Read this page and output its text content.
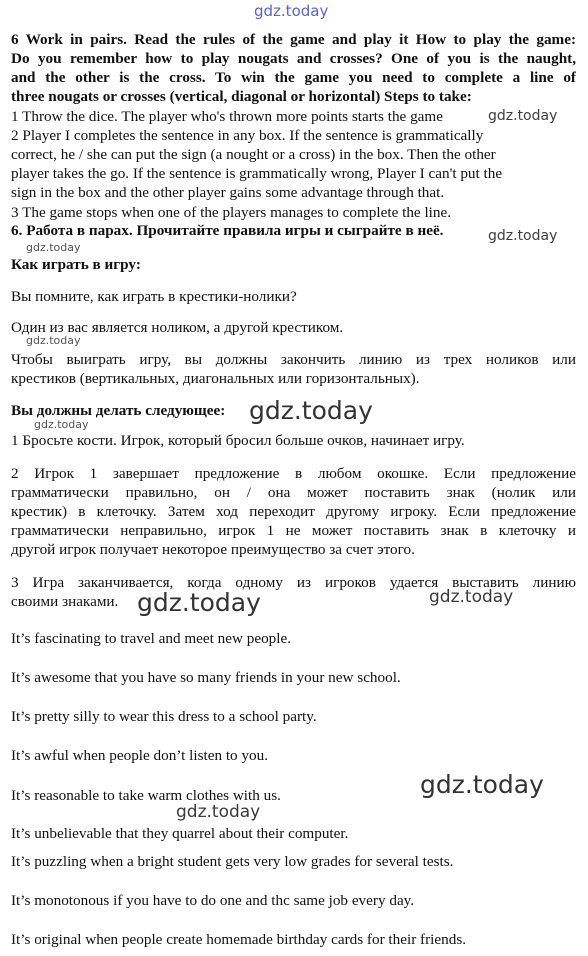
gdz.today
6 Work in pairs. Read the rules of the game and play it How to play the game:
Do you remember how to play nougats and crosses? One of you is the naught,
and the other is the cross. To win the game you need to complete a line of
three nougats or crosses (vertical, diagonal or horizontal) Steps to take:
1 Throw the dice. The player who's thrown more points starts the game	gdz.today
2 Player I completes the sentence in any box. If the sentence is grammatically
correct, he / she can put the sign (a nought or a cross) in the box. Then the other
player takes the go. If the sentence is grammatically wrong, Player I can't put the
sign in the box and the other player gains some advantage through that.
3 The game stops when one of the players manages to complete the line.
6. Работа в парах. Прочитайте правила игры и сыграйте в неё.	gdz.today
gdz.today
Как играть в игру:
Вы помните, как играть в крестики-нолики?
Один из вас является ноликом, а другой крестиком.
gdz.today
Чтобы выиграть игру, вы должны закончить линию из трех ноликов или
крестиков (вертикальных, диагональных или горизонтальных).
Вы должны делать следующее: gdz.today
gdz.today
1 Бросьте кости. Игрок, который бросил больше очков, начинает игру.
2 Игрок 1 завершает предложение в любом окошке. Если предложение
грамматически правильно, он / она может поставить знак (нолик или
крестик) в клеточку. Затем ход переходит другому игроку. Если предложение
грамматически неправильно, игрок 1 не может поставить знак в клеточку и
другой игрок получает некоторое преимущество за счет этого.
3 Игра заканчивается, когда одному из игроков удается выставить линию
своими знаками. gdz.today	gdz.today
It’s fascinating to travel and meet new people.
It’s awesome that you have so many friends in your new school.
It’s pretty silly to wear this dress to a school party.
It’s awful when people don’t listen to you.
gdz.today
It’s reasonable to take warm clothes with us.
gdz.today
It’s unbelievable that they quarrel about their computer.
It’s puzzling when a bright student gets very low grades for several tests.
It’s monotonous if you have to do one and thc same job every day.
It’s original when people create homemade birthday cards for their friends.
